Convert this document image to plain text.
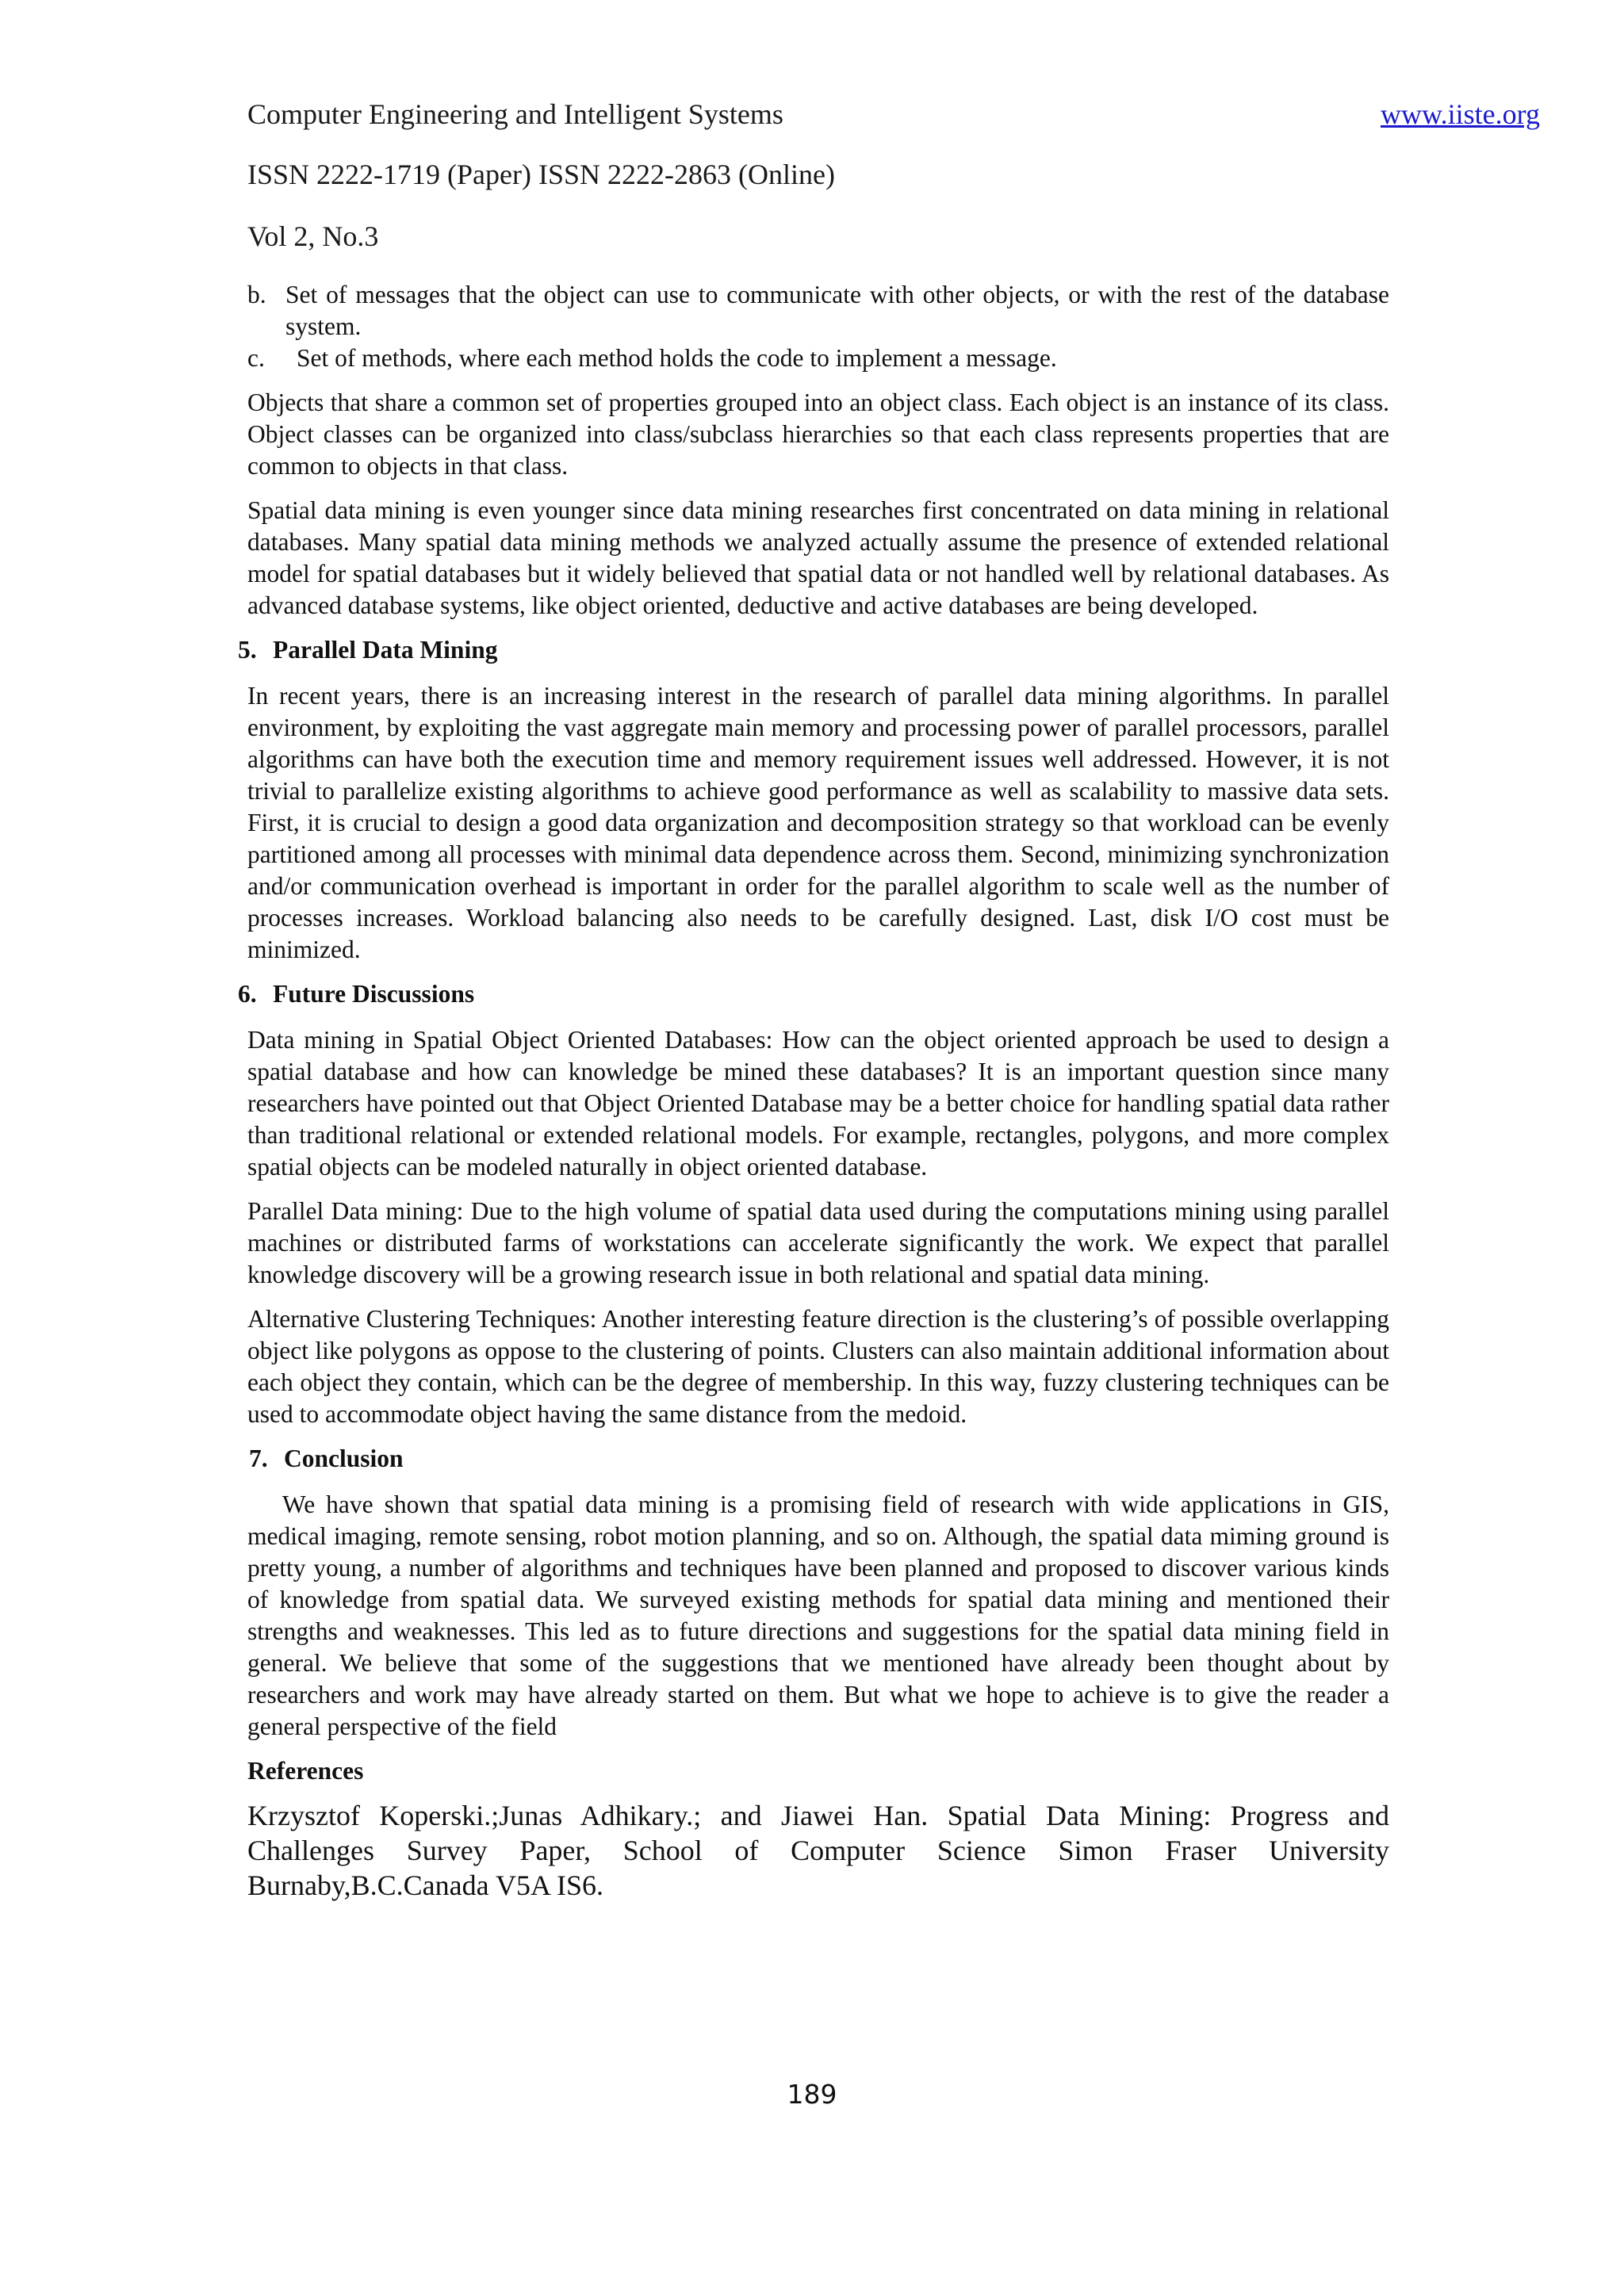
Computer Engineering and Intelligent Systems	www.iiste.org
ISSN 2222-1719 (Paper) ISSN 2222-2863 (Online)
Vol 2, No.3
b. Set of messages that the object can use to communicate with other objects, or with the rest of the database system.
c.	Set of methods, where each method holds the code to implement a message.

Objects that share a common set of properties grouped into an object class. Each object is an instance of its class. Object classes can be organized into class/subclass hierarchies so that each class represents properties that are common to objects in that class.

Spatial data mining is even younger since data mining researches first concentrated on data mining in relational databases. Many spatial data mining methods we analyzed actually assume the presence of extended relational model for spatial databases but it widely believed that spatial data or not handled well by relational databases. As advanced database systems, like object oriented, deductive and active databases are being developed.

5. Parallel Data Mining

In recent years, there is an increasing interest in the research of parallel data mining algorithms. In parallel environment, by exploiting the vast aggregate main memory and processing power of parallel processors, parallel algorithms can have both the execution time and memory requirement issues well addressed. However, it is not trivial to parallelize existing algorithms to achieve good performance as well as scalability to massive data sets. First, it is crucial to design a good data organization and decomposition strategy so that workload can be evenly partitioned among all processes with minimal data dependence across them. Second, minimizing synchronization and/or communication overhead is important in order for the parallel algorithm to scale well as the number of processes increases. Workload balancing also needs to be carefully designed. Last, disk I/O cost must be minimized.

6. Future Discussions

Data mining in Spatial Object Oriented Databases: How can the object oriented approach be used to design a spatial database and how can knowledge be mined these databases? It is an important question since many researchers have pointed out that Object Oriented Database may be a better choice for handling spatial data rather than traditional relational or extended relational models. For example, rectangles, polygons, and more complex spatial objects can be modeled naturally in object oriented database.

Parallel Data mining: Due to the high volume of spatial data used during the computations mining using parallel machines or distributed farms of workstations can accelerate significantly the work. We expect that parallel knowledge discovery will be a growing research issue in both relational and spatial data mining.

Alternative Clustering Techniques: Another interesting feature direction is the clustering’s of possible overlapping object like polygons as oppose to the clustering of points. Clusters can also maintain additional information about each object they contain, which can be the degree of membership. In this way, fuzzy clustering techniques can be used to accommodate object having the same distance from the medoid.

7. Conclusion

We have shown that spatial data mining is a promising field of research with wide applications in GIS, medical imaging, remote sensing, robot motion planning, and so on. Although, the spatial data miming ground is pretty young, a number of algorithms and techniques have been planned and proposed to discover various kinds of knowledge from spatial data. We surveyed existing methods for spatial data mining and mentioned their strengths and weaknesses. This led as to future directions and suggestions for the spatial data mining field in general. We believe that some of the suggestions that we mentioned have already been thought about by researchers and work may have already started on them. But what we hope to achieve is to give the reader a general perspective of the field

References

Krzysztof Koperski.;Junas Adhikary.; and Jiawei Han. Spatial Data Mining: Progress and Challenges Survey Paper, School of Computer Science Simon Fraser University Burnaby,B.C.Canada V5A IS6.

189
